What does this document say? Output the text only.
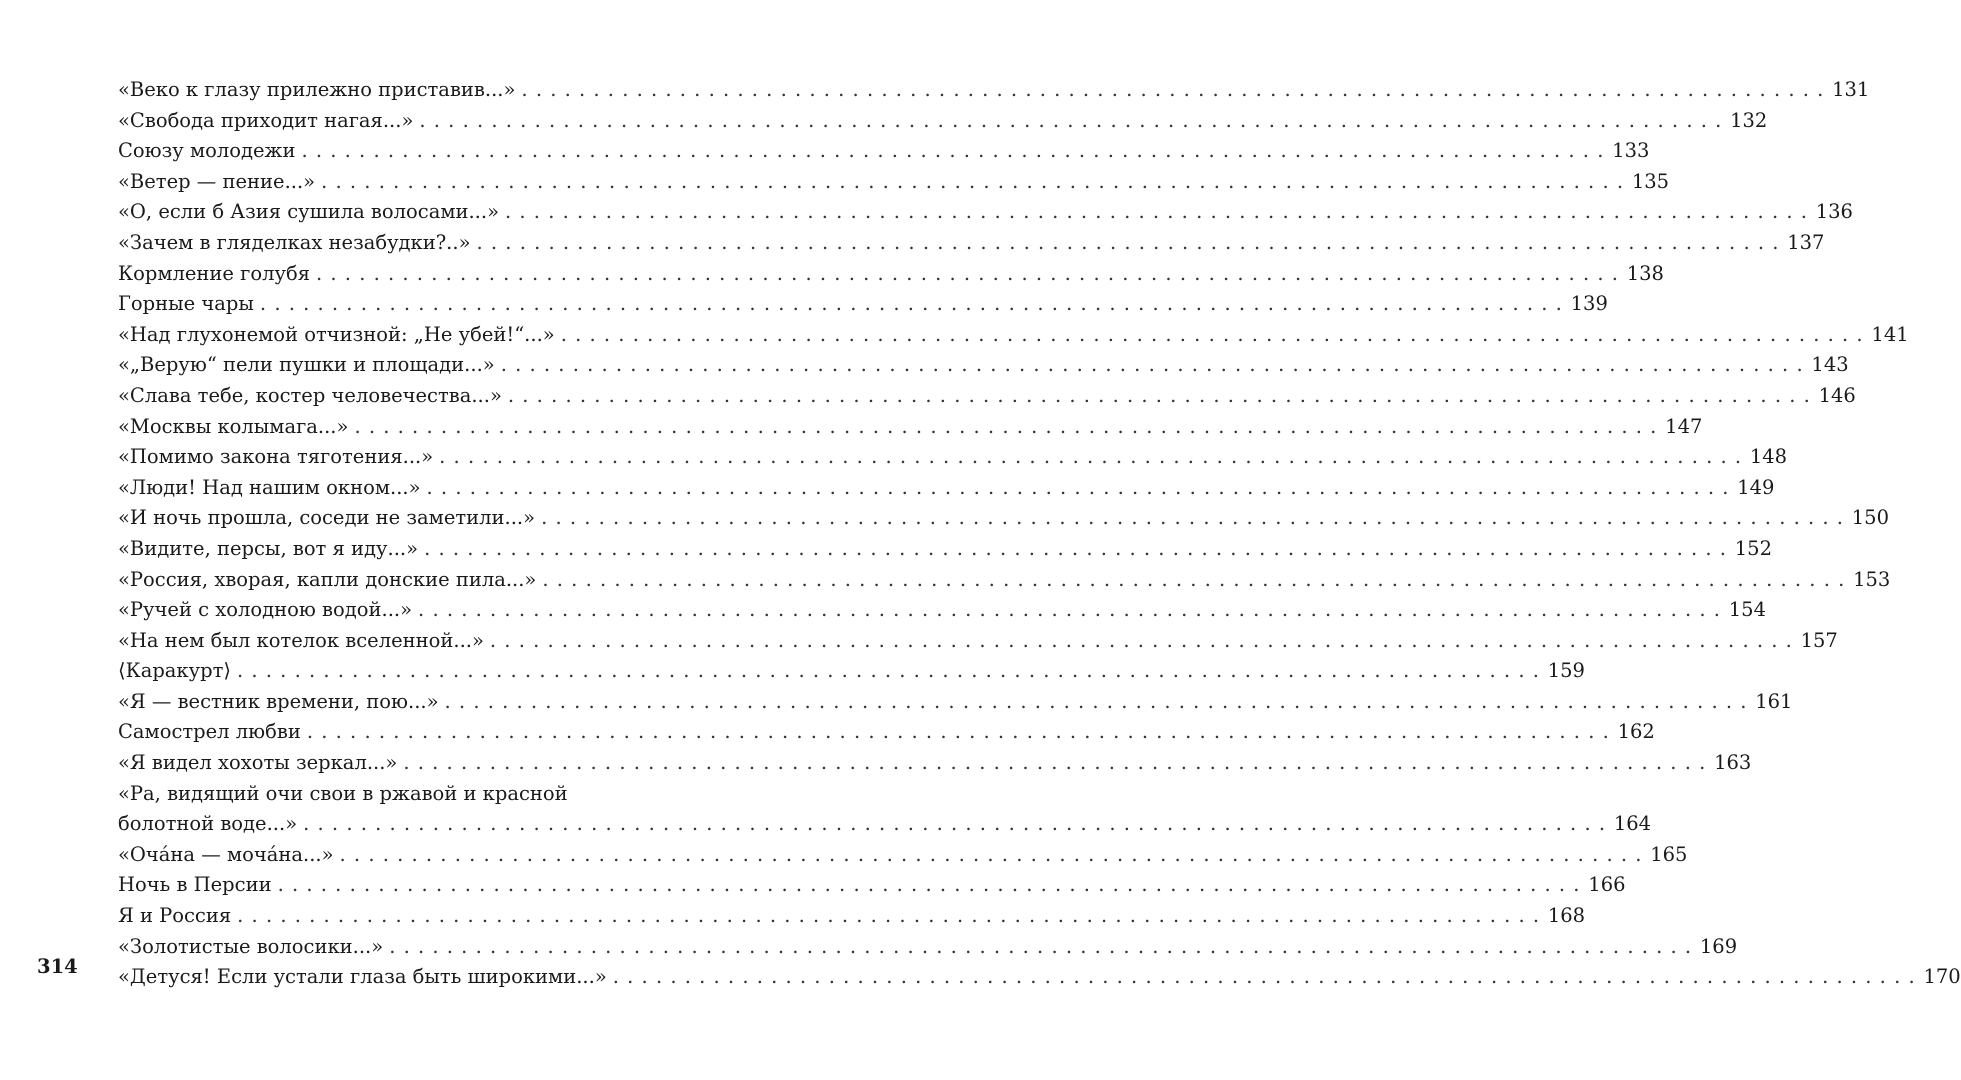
314
«Веко к глазу прилежно приставив...» . . .	131
«Свобода приходит нагая...» . . .	132
Союзу молодежи . . .	133
«Ветер — пение...» . . .	135
«О, если б Азия сушила волосами...» . . .	136
«Зачем в гляделках незабудки?..» . . .	137
Кормление голубя . . .	138
Горные чары . . .	139
«Над глухонемой отчизной: „Не убей!“...» . . .	141
«„Верую“ пели пушки и площади...» . . .	143
«Слава тебе, костер человечества...» . . .	146
«Москвы колымага...» . . .	147
«Помимо закона тяготения...» . . .	148
«Люди! Над нашим окном...» . . .	149
«И ночь прошла, соседи не заметили...» . . .	150
«Видите, персы, вот я иду...» . . .	152
«Россия, хворая, капли донские пила...» . . .	153
«Ручей с холодною водой...» . . .	154
«На нем был котелок вселенной...» . . .	157
⟨Каракурт⟩ . . .	159
«Я — вестник времени, пою...» . . .	161
Самострел любви . . .	162
«Я видел хохоты зеркал...» . . .	163
«Ра, видящий очи свои в ржавой и красной
болотной воде...» . . .	164
«Очáна — мочáна...» . . .	165
Ночь в Персии . . .	166
Я и Россия . . .	168
«Золотистые волосики...» . . .	169
«Детуся! Если устали глаза быть широкими...» . . .	170
